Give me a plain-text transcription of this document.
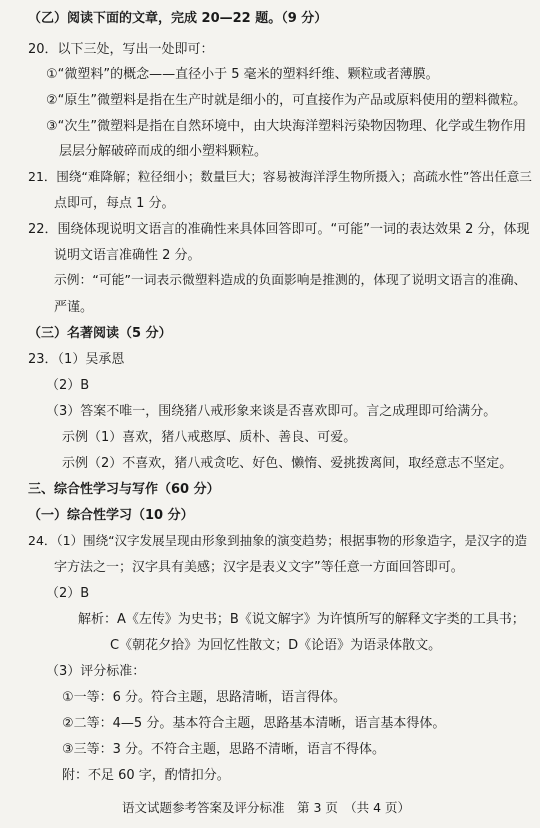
（乙）阅读下面的文章，完成 20—22 题。（9 分）
20．以下三处，写出一处即可：
①“微塑料”的概念——直径小于 5 毫米的塑料纤维、颗粒或者薄膜。
②“原生”微塑料是指在生产时就是细小的，可直接作为产品或原料使用的塑料微粒。
③“次生”微塑料是指在自然环境中，由大块海洋塑料污染物因物理、化学或生物作用
层层分解破碎而成的细小塑料颗粒。
21．围绕“难降解；粒径细小；数量巨大；容易被海洋浮生物所摄入；高疏水性”答出任意三
点即可，每点 1 分。
22．围绕体现说明文语言的准确性来具体回答即可。“可能”一词的表达效果 2 分，体现
说明文语言准确性 2 分。
示例：“可能”一词表示微塑料造成的负面影响是推测的，体现了说明文语言的准确、
严谨。
（三）名著阅读（5 分）
23．（1）吴承恩
（2）B
（3）答案不唯一，围绕猪八戒形象来谈是否喜欢即可。言之成理即可给满分。
示例（1）喜欢，猪八戒憨厚、质朴、善良、可爱。
示例（2）不喜欢，猪八戒贪吃、好色、懒惰、爱挑拨离间，取经意志不坚定。
三、综合性学习与写作（60 分）
（一）综合性学习（10 分）
24．（1）围绕“汉字发展呈现由形象到抽象的演变趋势；根据事物的形象造字，是汉字的造
字方法之一；汉字具有美感；汉字是表义文字”等任意一方面回答即可。
（2）B
解析：A《左传》为史书；B《说文解字》为许慎所写的解释文字类的工具书；
C《朝花夕拾》为回忆性散文；D《论语》为语录体散文。
（3）评分标准：
①一等：6 分。符合主题，思路清晰，语言得体。
②二等：4—5 分。基本符合主题，思路基本清晰，语言基本得体。
③三等：3 分。不符合主题，思路不清晰，语言不得体。
附：不足 60 字，酌情扣分。
语文试题参考答案及评分标准　第 3 页　（共 4 页）
